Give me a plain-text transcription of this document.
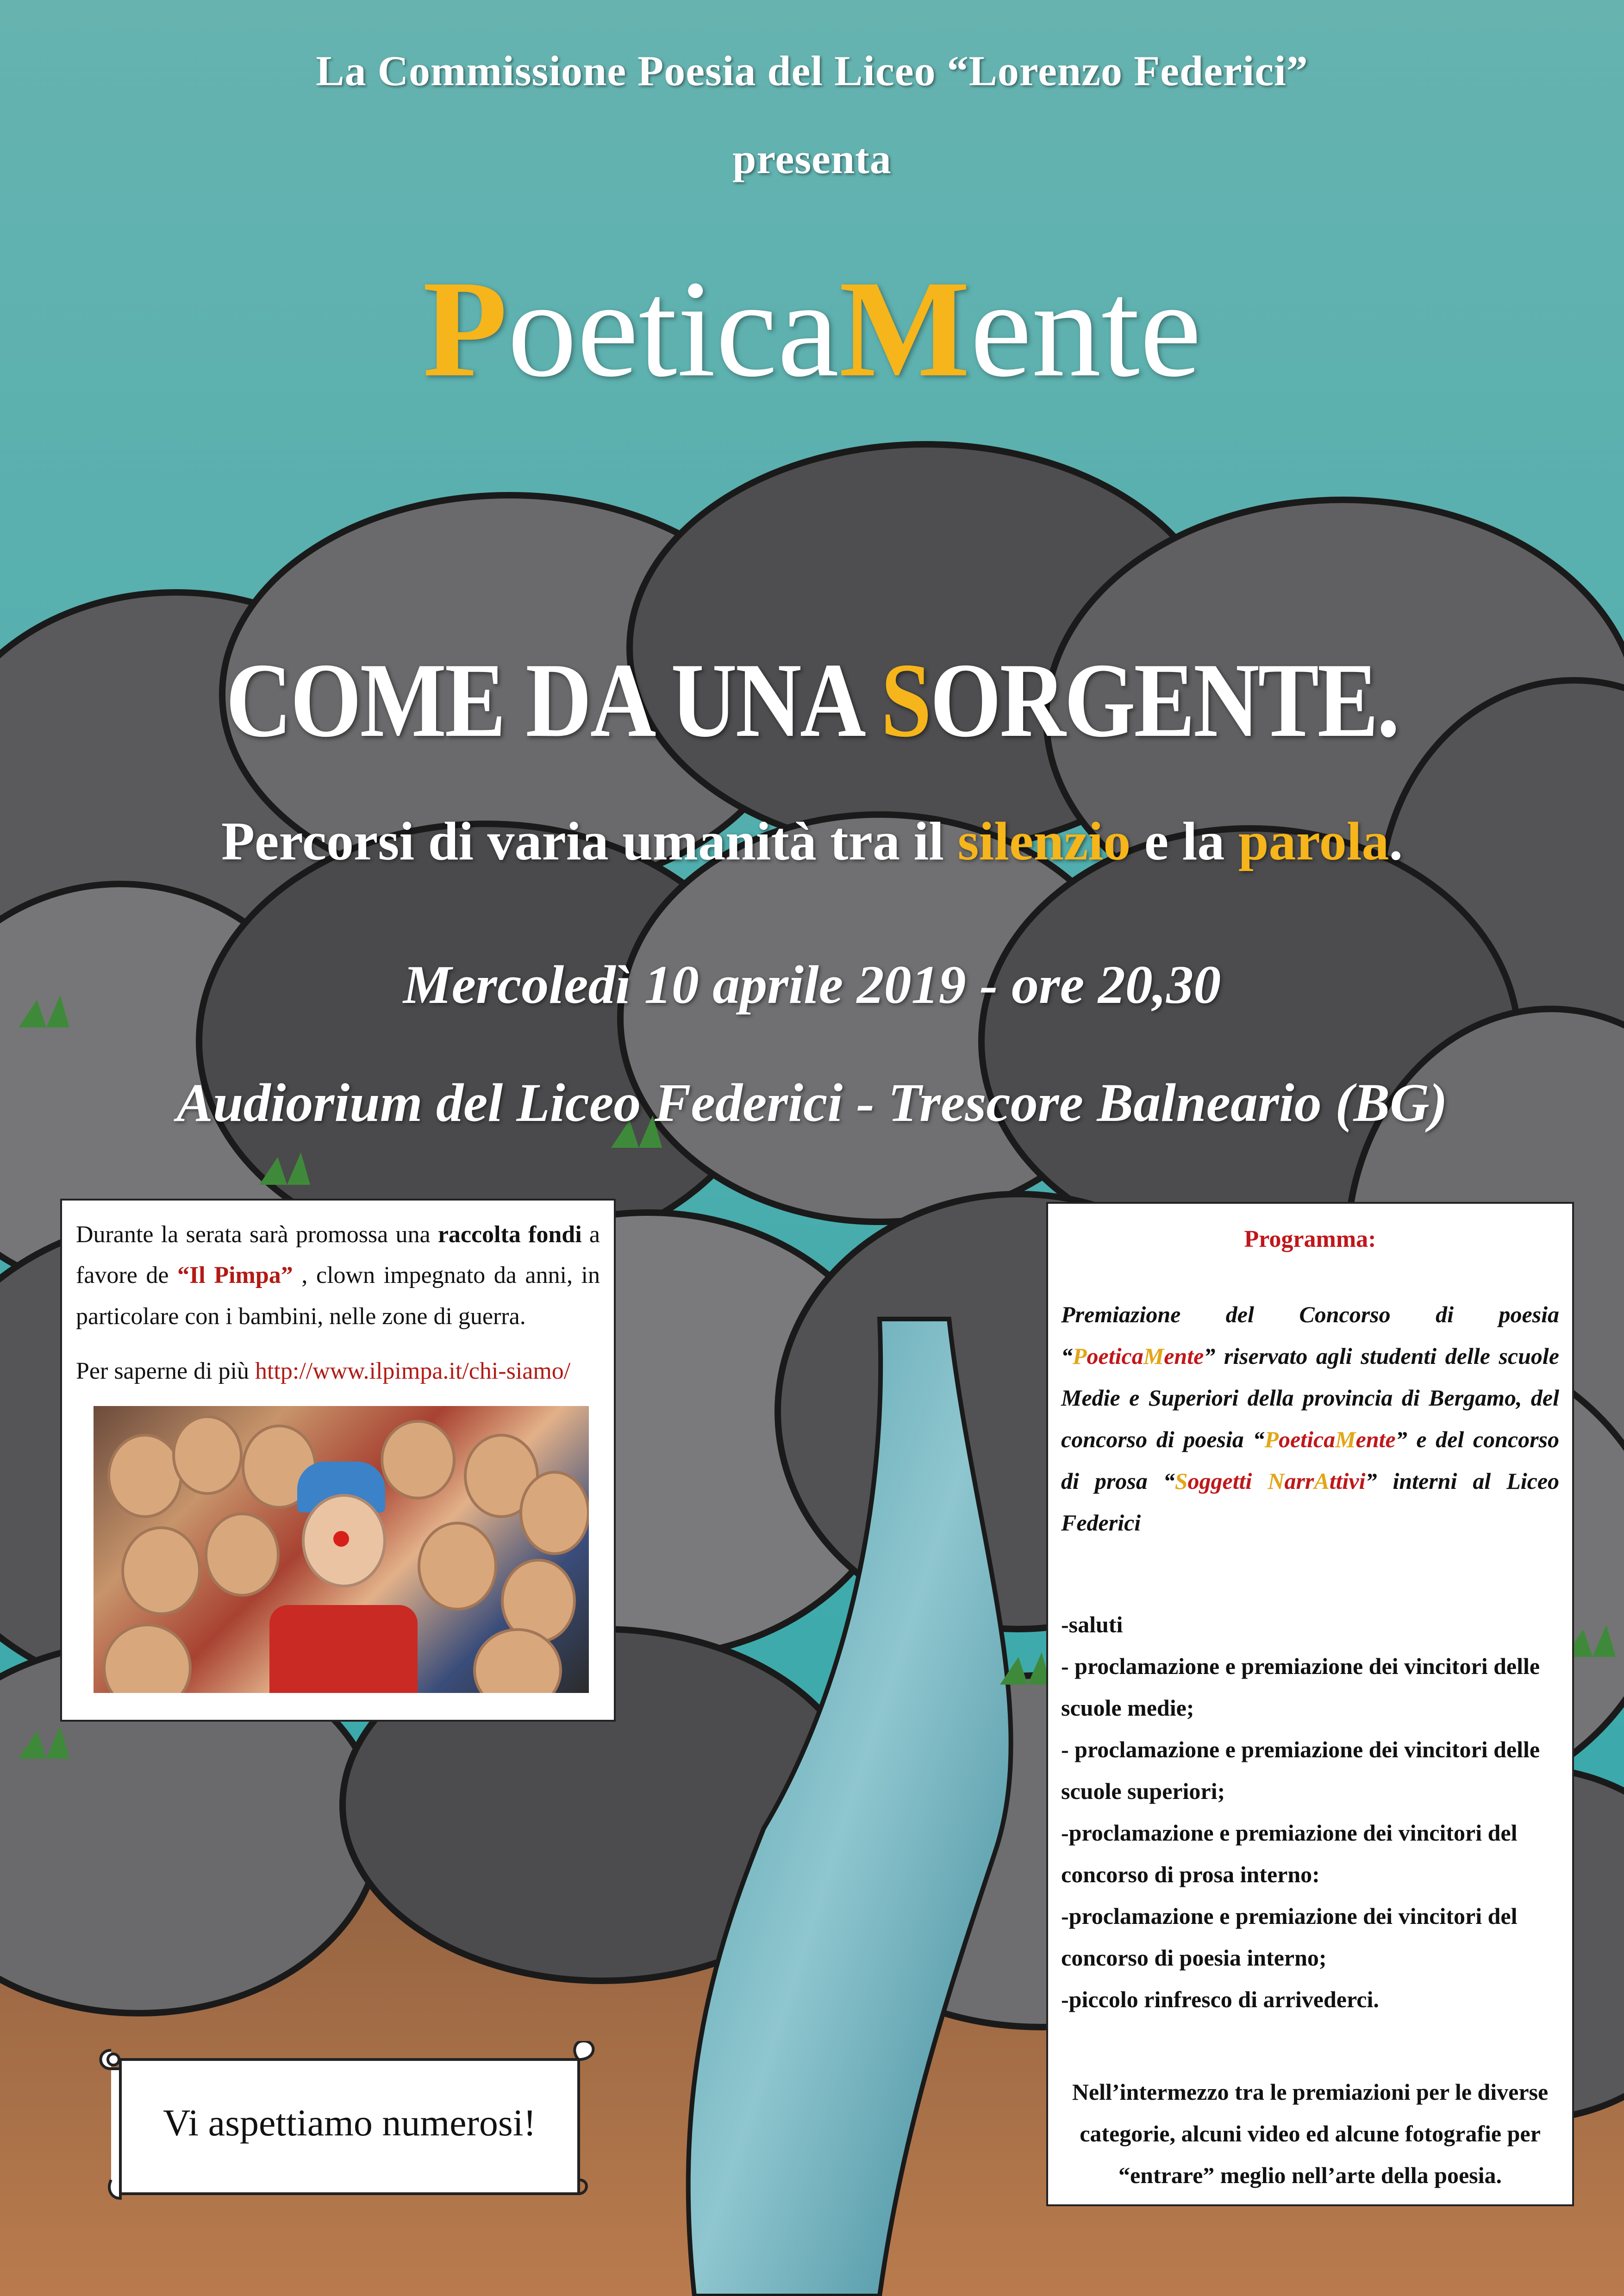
La Commissione Poesia del Liceo “Lorenzo Federici”
presenta
PoeticaMente
COME DA UNA SORGENTE.
Percorsi di varia umanità tra il silenzio e la parola.
Mercoledì 10 aprile 2019 - ore 20,30
Audiorium del Liceo Federici - Trescore Balneario (BG)

Durante la serata sarà promossa una raccolta fondi a favore de “Il Pimpa” , clown impegnato da anni, in particolare con i bambini, nelle zone di guerra.

Per saperne di più http://www.ilpimpa.it/chi-siamo/

Vi aspettiamo numerosi!
Programma:
Premiazione del Concorso di poesia “PoeticaMente” riservato agli studenti delle scuole Medie e Superiori della provincia di Bergamo, del concorso di poesia “PoeticaMente” e del concorso di prosa “Soggetti NarrAttivi” interni al Liceo Federici
-saluti
- proclamazione e premiazione dei vincitori delle scuole medie;
- proclamazione e premiazione dei vincitori delle scuole superiori;
-proclamazione e premiazione dei vincitori del concorso di prosa interno:
-proclamazione e premiazione dei vincitori del concorso di poesia interno;
-piccolo rinfresco di arrivederci.
Nell’intermezzo tra le premiazioni per le diverse categorie, alcuni video ed alcune fotografie per “entrare” meglio nell’arte della poesia.
